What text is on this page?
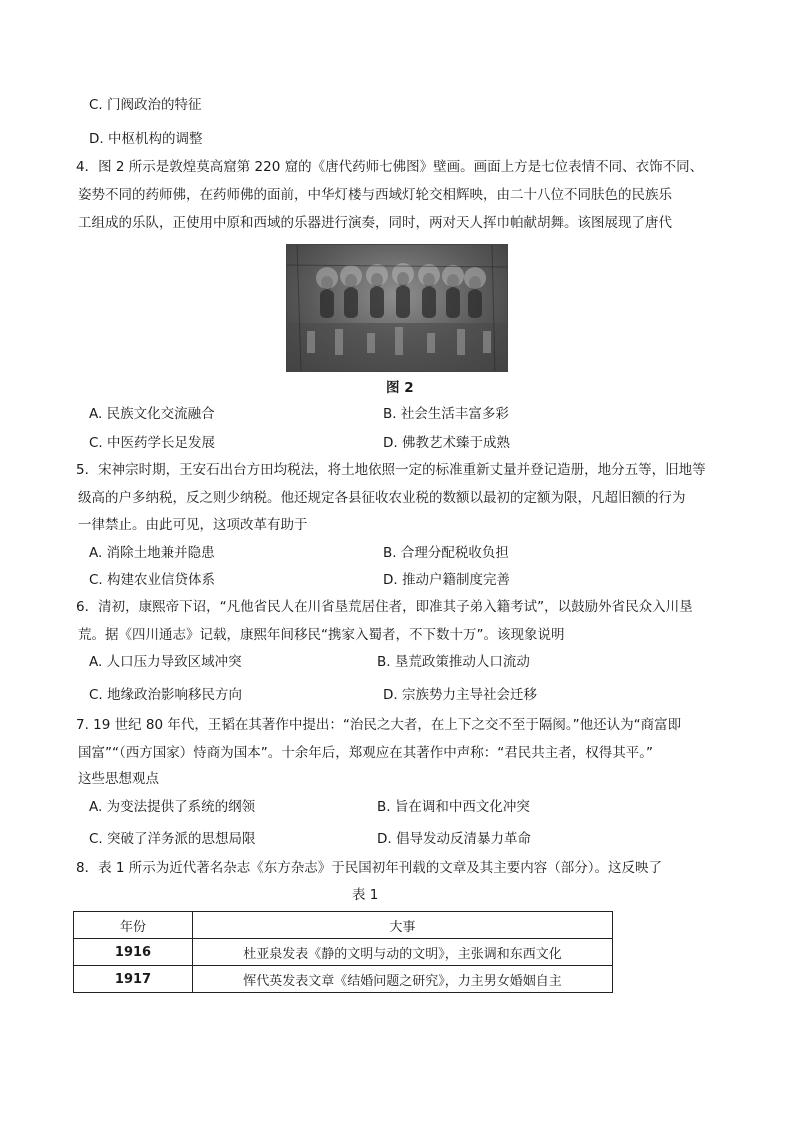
C. 门阀政治的特征
D. 中枢机构的调整
4．图 2 所示是敦煌莫高窟第 220 窟的《唐代药师七佛图》壁画。画面上方是七位表情不同、衣饰不同、
姿势不同的药师佛，在药师佛的面前，中华灯楼与西域灯轮交相辉映，由二十八位不同肤色的民族乐
工组成的乐队，正使用中原和西域的乐器进行演奏，同时，两对天人挥巾帕献胡舞。该图展现了唐代
图 2
A. 民族文化交流融合	B. 社会生活丰富多彩
C. 中医药学长足发展	D. 佛教艺术臻于成熟
5．宋神宗时期，王安石出台方田均税法，将土地依照一定的标准重新丈量并登记造册，地分五等，旧地等
级高的户多纳税，反之则少纳税。他还规定各县征收农业税的数额以最初的定额为限，凡超旧额的行为
一律禁止。由此可见，这项改革有助于
A. 消除土地兼并隐患	B. 合理分配税收负担
C. 构建农业信贷体系	D. 推动户籍制度完善
6．清初，康熙帝下诏，“凡他省民人在川省垦荒居住者，即准其子弟入籍考试”，以鼓励外省民众入川垦
荒。据《四川通志》记载，康熙年间移民“携家入蜀者，不下数十万”。该现象说明
A. 人口压力导致区域冲突	B. 垦荒政策推动人口流动
C. 地缘政治影响移民方向	D. 宗族势力主导社会迁移
7. 19 世纪 80 年代，王韬在其著作中提出：“治民之大者，在上下之交不至于隔阂。”他还认为“商富即
国富”“（西方国家）恃商为国本”。十余年后，郑观应在其著作中声称：“君民共主者，权得其平。”
这些思想观点
A. 为变法提供了系统的纲领	B. 旨在调和中西文化冲突
C. 突破了洋务派的思想局限	D. 倡导发动反清暴力革命
8．表 1 所示为近代著名杂志《东方杂志》于民国初年刊载的文章及其主要内容（部分）。这反映了
表 1
年份	大事
1916	杜亚泉发表《静的文明与动的文明》，主张调和东西文化
1917	恽代英发表文章《结婚问题之研究》，力主男女婚姻自主
